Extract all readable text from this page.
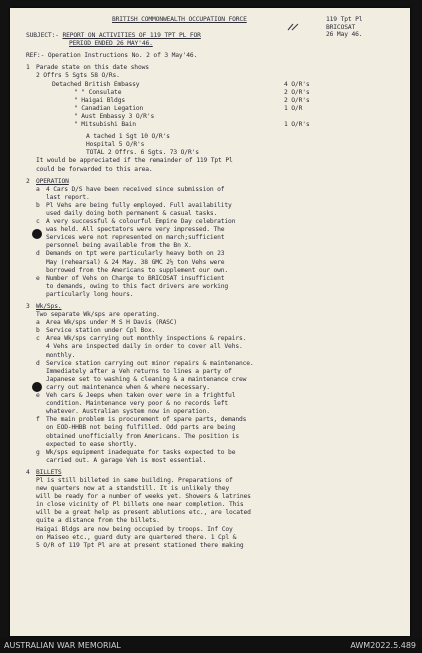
119 Tpt Pl
BRICOSAT
26 May 46.
BRITISH COMMONWEALTH OCCUPATION FORCE
SUBJECT:- REPORT ON ACTIVITIES OF 119 TPT PL FOR
PERIOD ENDED 26 MAY'46.
REF:- Operation Instructions No. 2 of 3 May'46.
1 Parade state on this date shows
2 Offrs 5 Sgts 58 O/Rs.
Detached British Embassy	4 O/R's
" " Consulate	2 O/R's
" Haigai Bldgs	2 O/R's
" Canadian Legation	1 O/R
" Aust Embassy 3 O/R's
" Mitsubishi Bain	1 O/R's
A tached 1 Sgt 10 O/R's
Hospital 5 O/R's
TOTAL 2 Offrs. 6 Sgts. 73 O/R's
It would be appreciated if the remainder of 119 Tpt Pl
could be forwarded to this area.
2 OPERATION
a 4 Cars D/S have been received since submission of
last report.
b Pl Vehs are being fully employed. Full availability
used daily doing both permanent & casual tasks.
c A very successful & colourful Empire Day celebration
was held. All spectators were very impressed. The
Services were not represented on march;sufficient
personnel being available from the Bn X.
d Demands on tpt were particularly heavy both on 23
May (rehearsal) & 24 May. 38 GMC 2½ ton Vehs were
borrowed from the Americans to supplement our own.
e Number of Vehs on Charge to BRICOSAT insufficient
to demands, owing to this fact drivers are working
particularly long hours.
3 Wk/Sps.
Two separate Wk/sps are operating.
a Area Wk/sps under M S H Davis (RASC)
b Service station under Cpl Box.
c Area Wk/sps carrying out monthly inspections & repairs.
4 Vehs are inspected daily in order to cover all Vehs.
monthly.
d Service station carrying out minor repairs & maintenance.
Immediately after a Veh returns to lines a party of
Japanese set to washing & cleaning & a maintenance crew
carry out maintenance when & where necessary.
e Veh cars & Jeeps when taken over were in a frightful
condition. Maintenance very poor & no records left
whatever. Australian system now in operation.
f The main problem is procurement of spare parts, demands
on EOD-HHBB not being fulfilled. Odd parts are being
obtained unofficially from Americans. The position is
expected to ease shortly.
g Wk/sps equipment inadequate for tasks expected to be
carried out. A garage Veh is most essential.
4 BILLETS
Pl is still billeted in same building. Preparations of
new quarters now at a standstill. It is unlikely they
will be ready for a number of weeks yet. Showers & latrines
in close vicinity of Pl billets one near completion. This
will be a great help as present ablutions etc., are located
quite a distance from the billets.
Haigai Bldgs are now being occupied by troops. Inf Coy
on Maiseo etc., guard duty are quartered there. 1 Cpl &
5 O/R of 119 Tpt Pl are at present stationed there making
AUSTRALIAN WAR MEMORIAL	AWM2022.5.489
